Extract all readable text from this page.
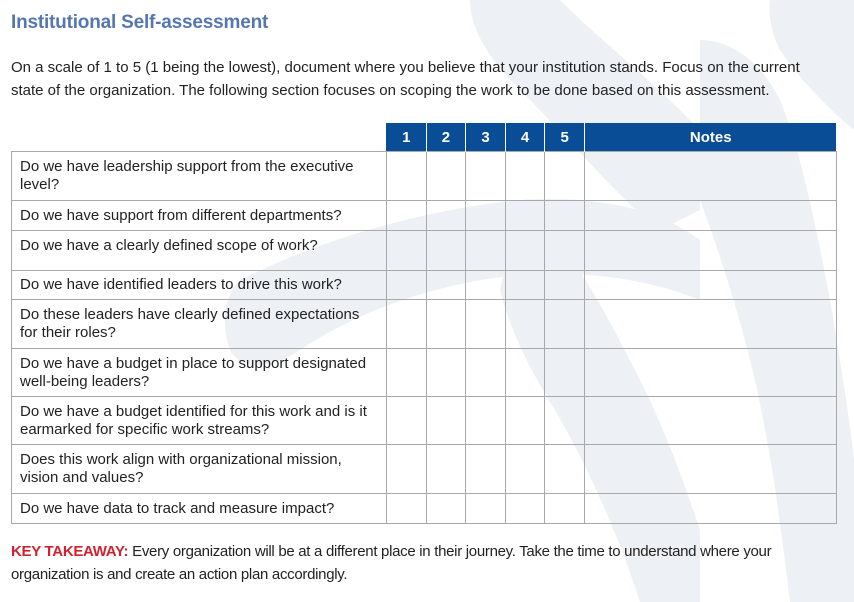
Institutional Self-assessment
On a scale of 1 to 5 (1 being the lowest), document where you believe that your institution stands. Focus on the current state of the organization. The following section focuses on scoping the work to be done based on this assessment.
	1	2	3	4	5	Notes
Do we have leadership support from the executive level?						
Do we have support from different departments?						
Do we have a clearly defined scope of work?						
Do we have identified leaders to drive this work?						
Do these leaders have clearly defined expectations for their roles?						
Do we have a budget in place to support designated well-being leaders?						
Do we have a budget identified for this work and is it earmarked for specific work streams?						
Does this work align with organizational mission, vision and values?						
Do we have data to track and measure impact?						
KEY TAKEAWAY: Every organization will be at a different place in their journey. Take the time to understand where your organization is and create an action plan accordingly.
